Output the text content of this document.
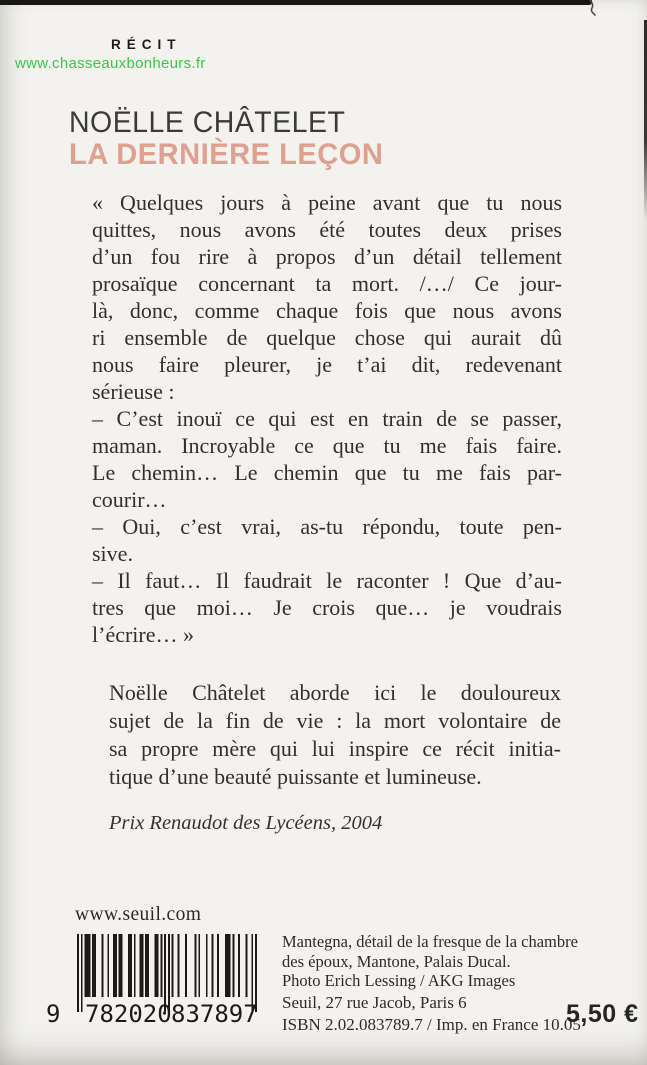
RÉCIT
www.chasseauxbonheurs.fr
NOËLLE CHÂTELET
LA DERNIÈRE LEÇON
« Quelques jours à peine avant que tu nous
quittes, nous avons été toutes deux prises
d’un fou rire à propos d’un détail tellement
prosaïque concernant ta mort. /…/ Ce jour-
là, donc, comme chaque fois que nous avons
ri ensemble de quelque chose qui aurait dû
nous faire pleurer, je t’ai dit, redevenant
sérieuse :
– C’est inouï ce qui est en train de se passer,
maman. Incroyable ce que tu me fais faire.
Le chemin… Le chemin que tu me fais par-
courir…
– Oui, c’est vrai, as-tu répondu, toute pen-
sive.
– Il faut… Il faudrait le raconter ! Que d’au-
tres que moi… Je crois que… je voudrais
l’écrire… »
Noëlle Châtelet aborde ici le douloureux
sujet de la fin de vie : la mort volontaire de
sa propre mère qui lui inspire ce récit initia-
tique d’une beauté puissante et lumineuse.
Prix Renaudot des Lycéens, 2004
www.seuil.com
9 782020 837897
Mantegna, détail de la fresque de la chambre
des époux, Mantone, Palais Ducal.
Photo Erich Lessing / AKG Images
Seuil, 27 rue Jacob, Paris 6
ISBN 2.02.083789.7 / Imp. en France 10.05
5,50 €
